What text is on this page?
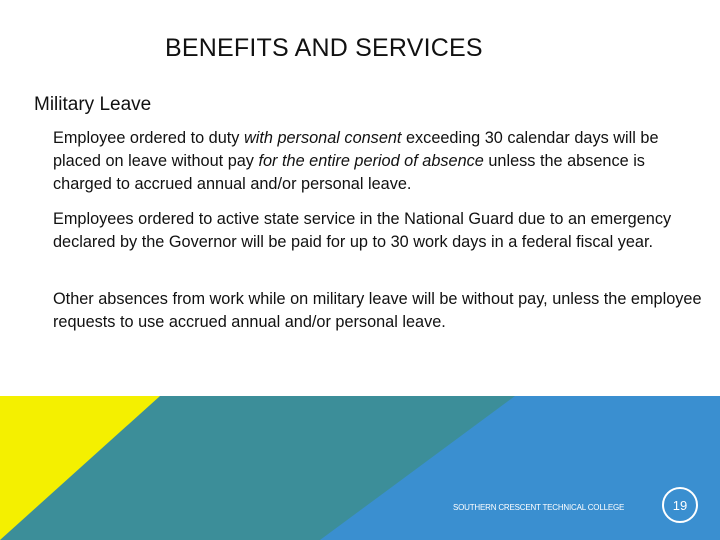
BENEFITS AND SERVICES
Military Leave
Employee ordered to duty with personal consent exceeding 30 calendar days will be placed on leave without pay for the entire period of absence unless the absence is charged to accrued annual and/or personal leave.
Employees ordered to active state service in the National Guard due to an emergency declared by the Governor will be paid for up to 30 work days in a federal fiscal year.
Other absences from work while on military leave will be without pay, unless the employee requests to use accrued annual and/or personal leave.
SOUTHERN CRESCENT TECHNICAL COLLEGE	19
